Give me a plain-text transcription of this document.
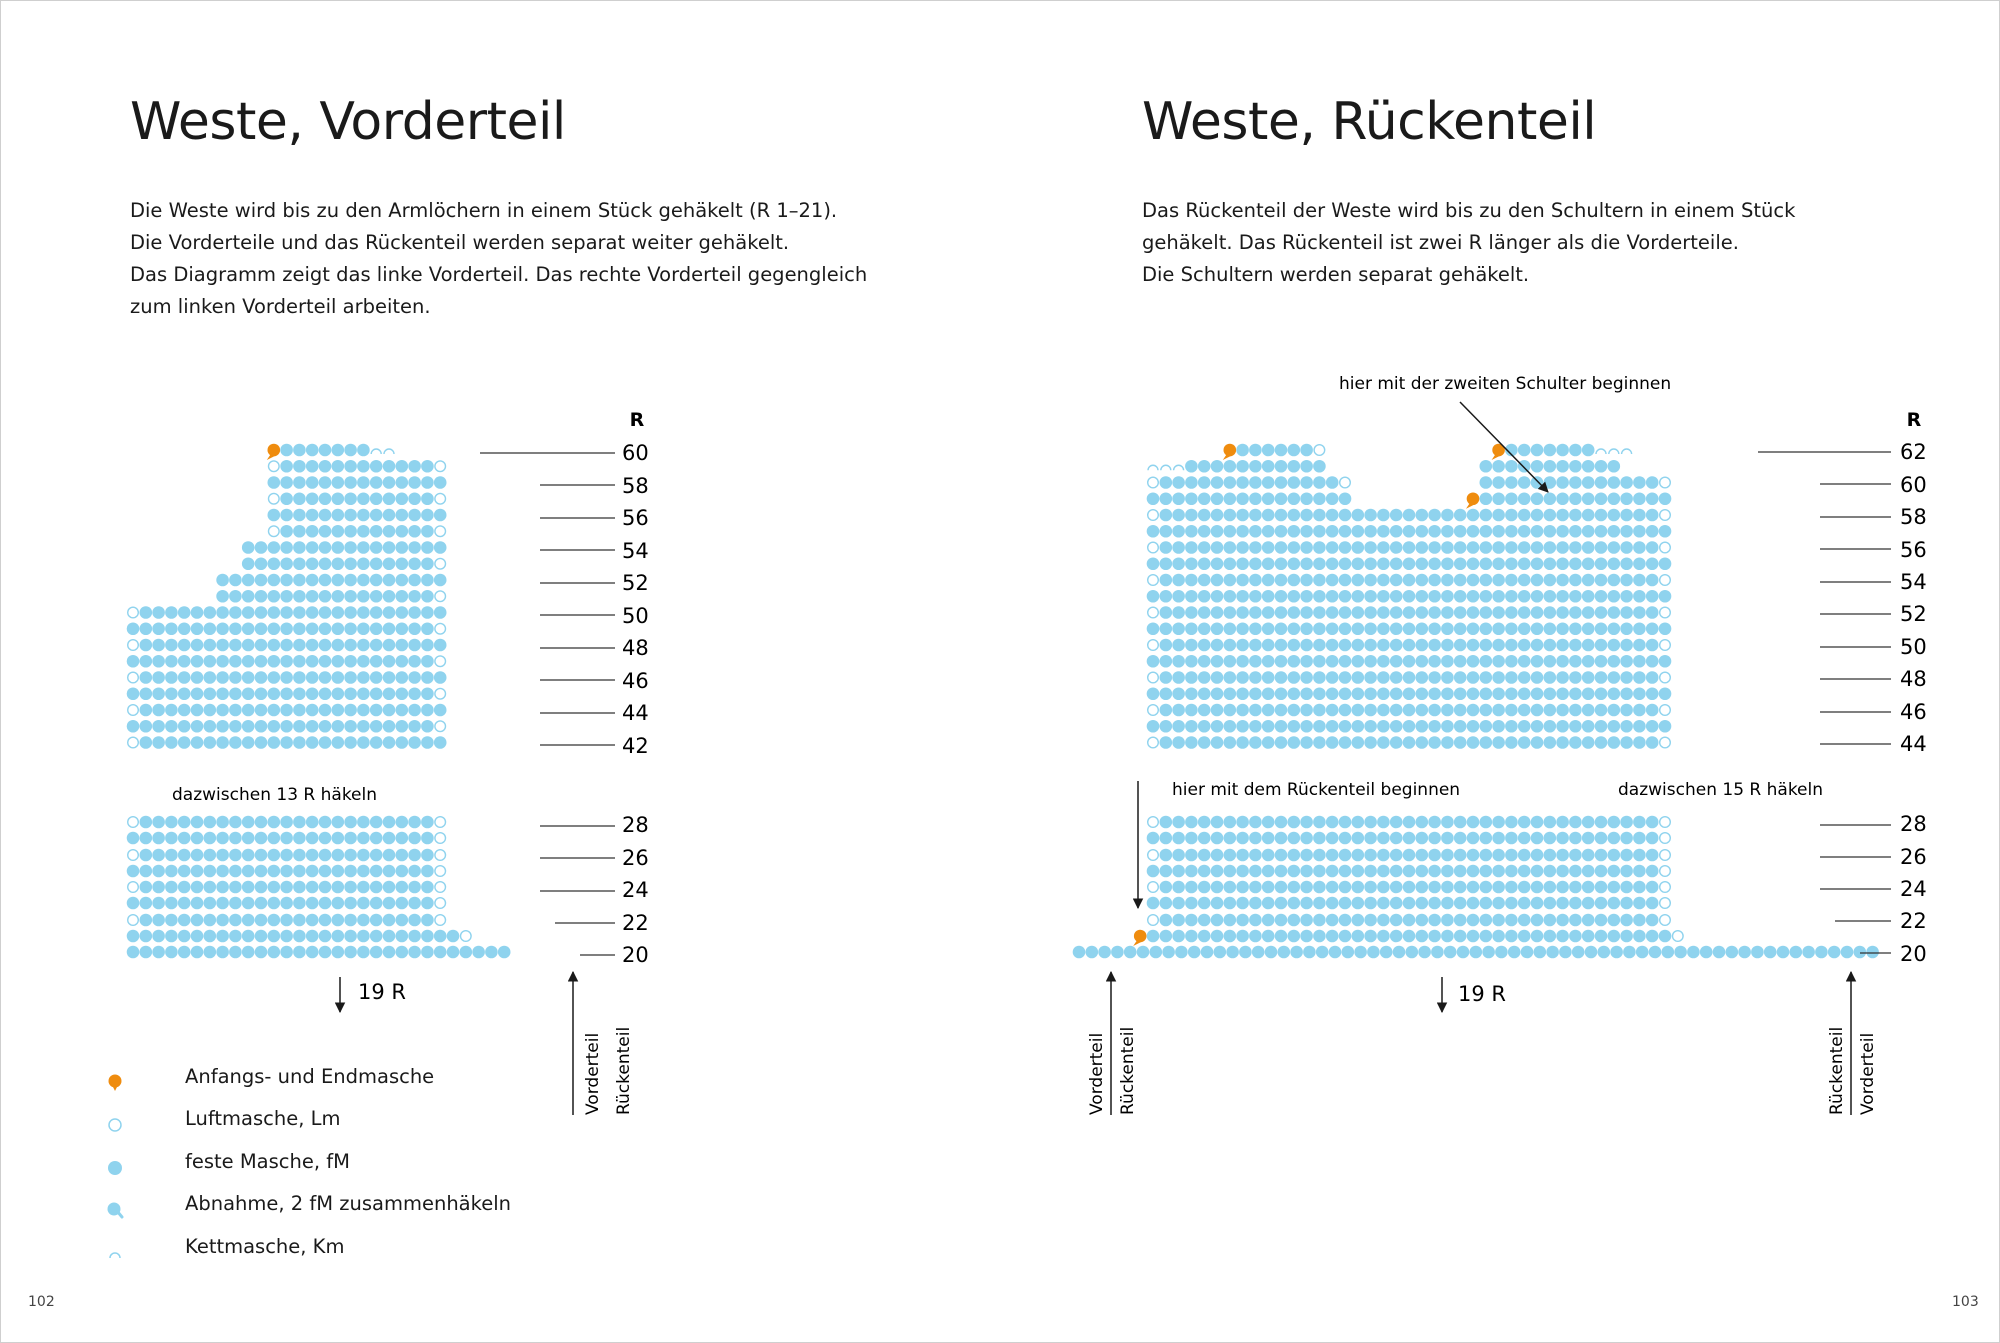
Weste, Vorderteil
Die Weste wird bis zu den Armlöchern in einem Stück gehäkelt (R 1–21).
Die Vorderteile und das Rückenteil werden separat weiter gehäkelt.
Das Diagramm zeigt das linke Vorderteil. Das rechte Vorderteil gegengleich
zum linken Vorderteil arbeiten.
Weste, Rückenteil
Das Rückenteil der Weste wird bis zu den Schultern in einem Stück
gehäkelt. Das Rückenteil ist zwei R länger als die Vorderteile.
Die Schultern werden separat gehäkelt.
R
60
58
56
54
52
50
48
46
44
42
28
26
24
22
20
dazwischen 13 R häkeln
19 R
Vorderteil Rückenteil
hier mit der zweiten Schulter beginnen
R
62
60
58
56
54
52
50
48
46
44
28
26
24
22
20
hier mit dem Rückenteil beginnen	dazwischen 15 R häkeln
19 R
Vorderteil Rückenteil	Rückenteil Vorderteil
Anfangs- und Endmasche
Luftmasche, Lm
feste Masche, fM
Abnahme, 2 fM zusammenhäkeln
Kettmasche, Km
102	103
